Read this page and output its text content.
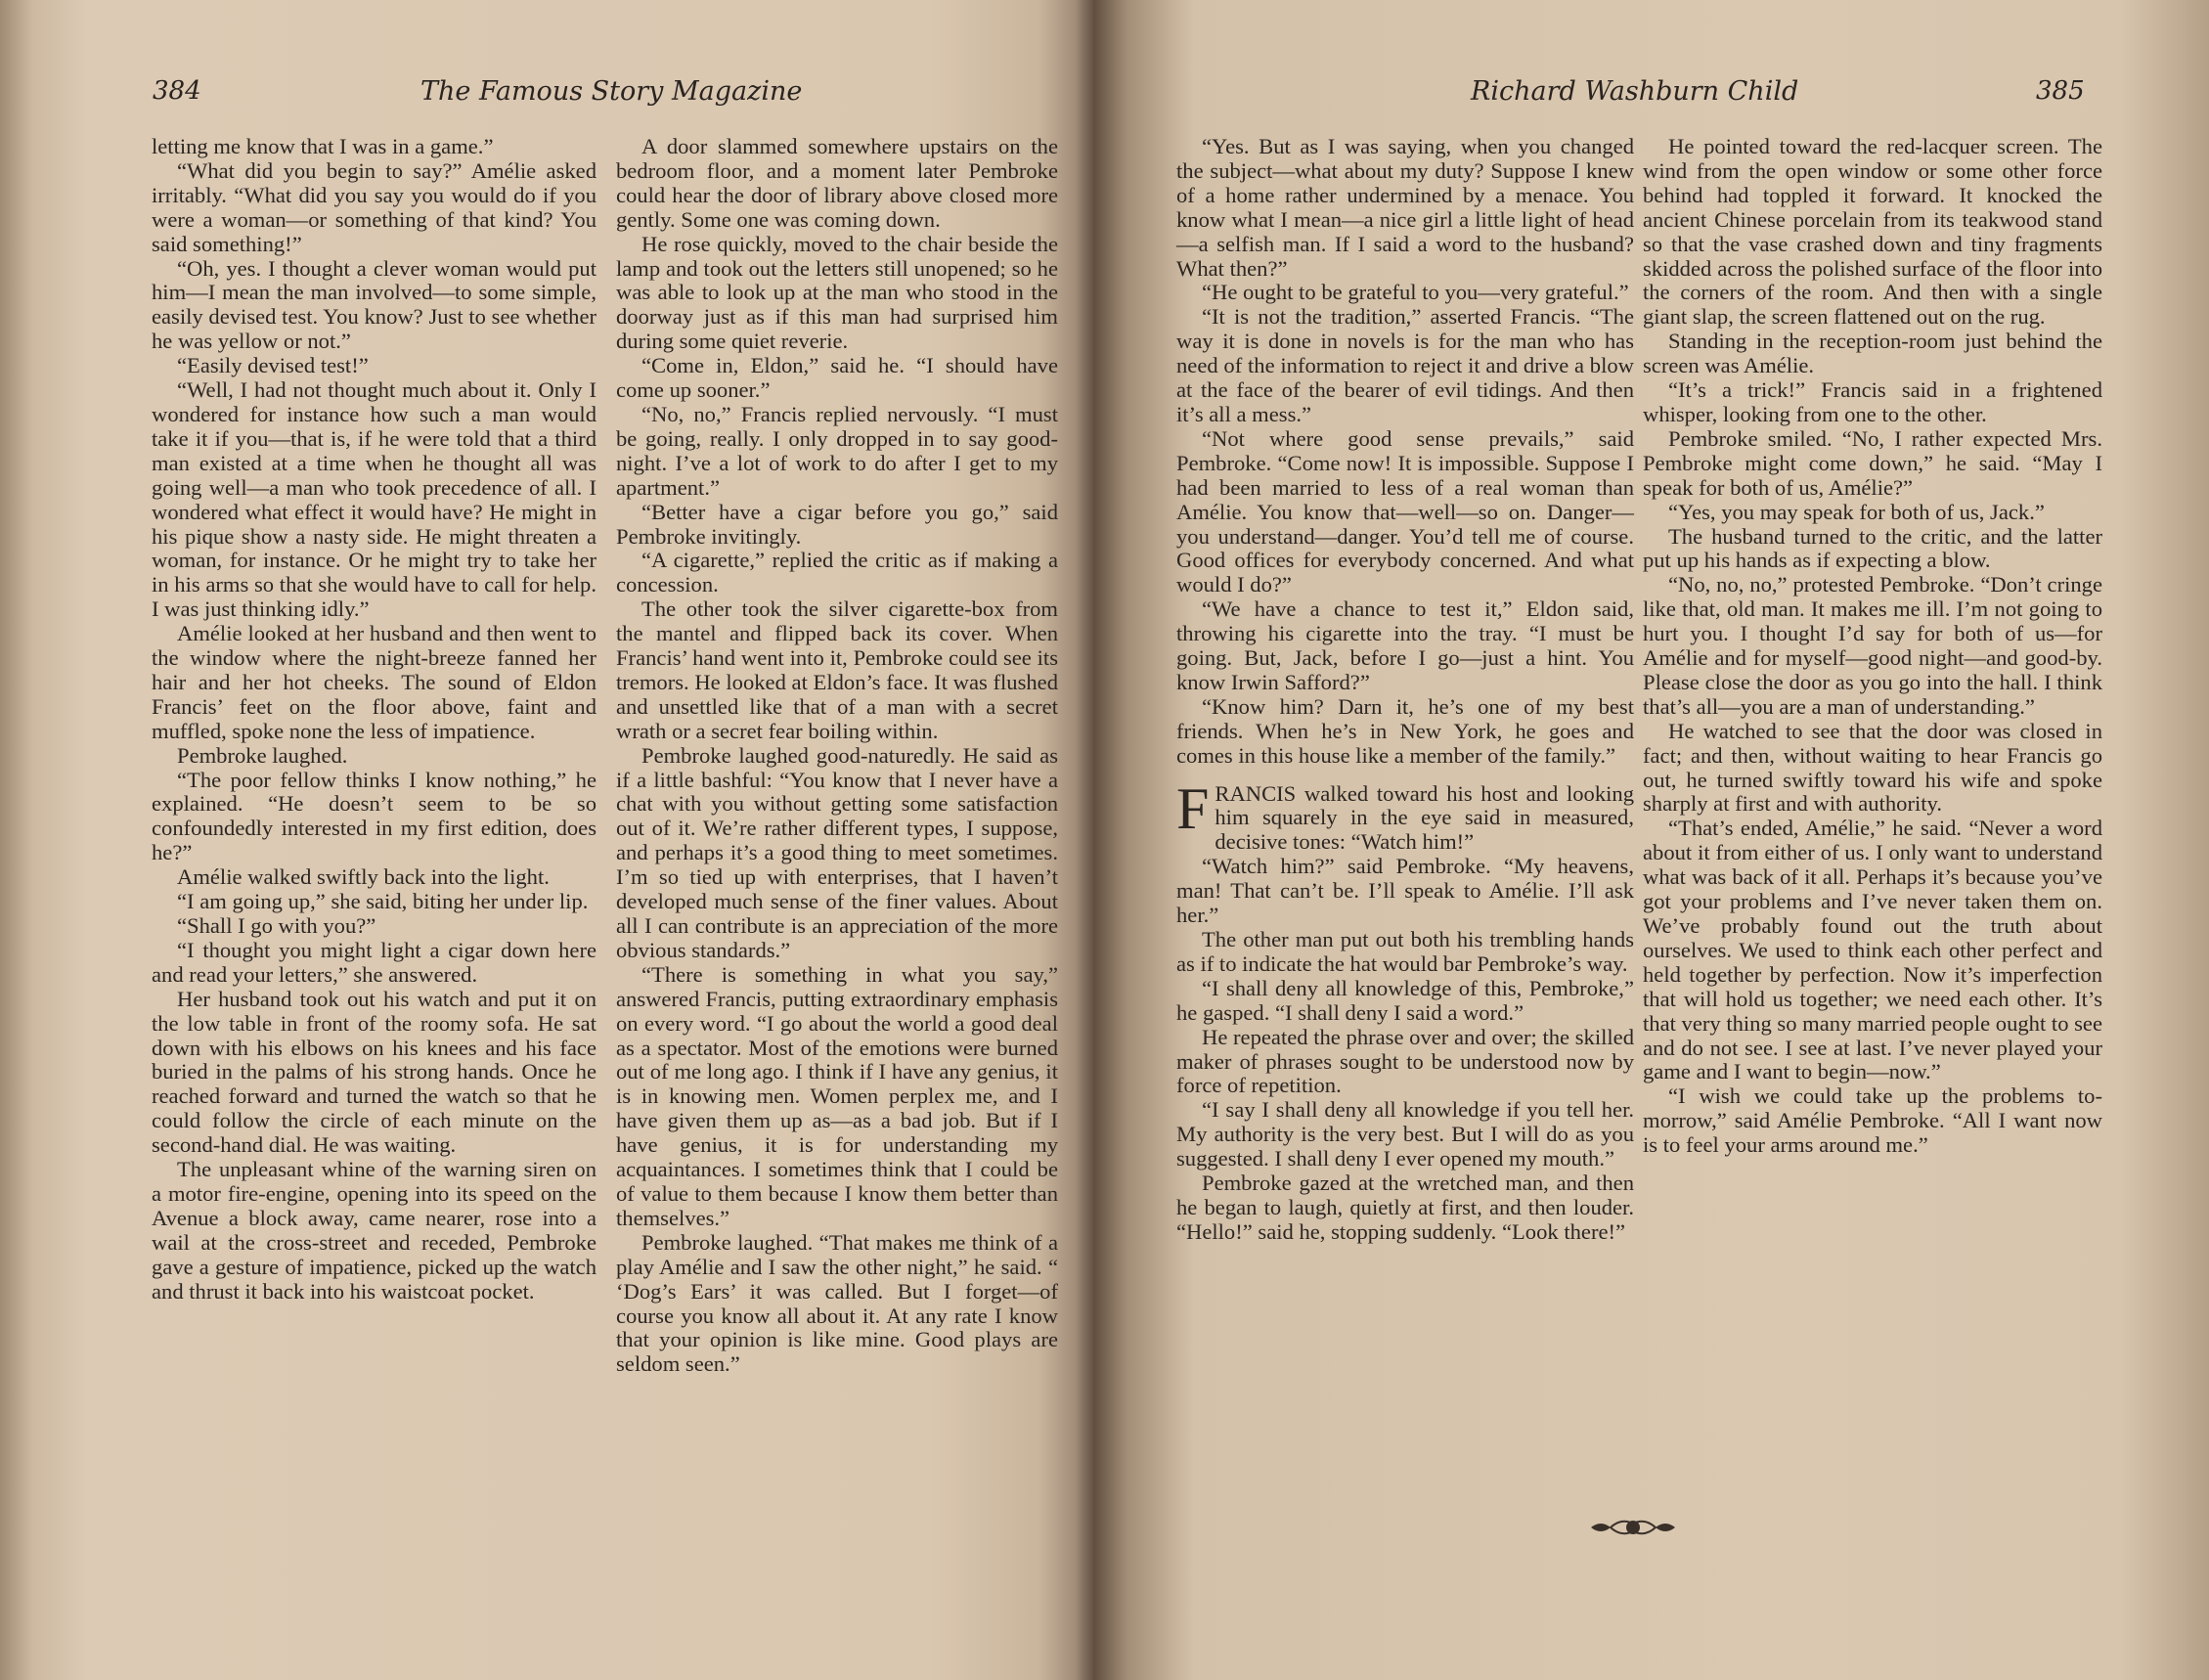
384	The Famous Story Magazine

letting me know that I was in a game.”

“What did you begin to say?” Amélie asked irritably. “What did you say you would do if you were a woman—or something of that kind? You said something!”

“Oh, yes. I thought a clever woman would put him—I mean the man involved—to some simple, easily devised test. You know? Just to see whether he was yellow or not.”

“Easily devised test!”

“Well, I had not thought much about it. Only I wondered for instance how such a man would take it if you—that is, if he were told that a third man existed at a time when he thought all was going well—a man who took precedence of all. I wondered what effect it would have? He might in his pique show a nasty side. He might threaten a woman, for instance. Or he might try to take her in his arms so that she would have to call for help. I was just thinking idly.”

Amélie looked at her husband and then went to the window where the night-breeze fanned her hair and her hot cheeks. The sound of Eldon Francis’ feet on the floor above, faint and muffled, spoke none the less of impatience.

Pembroke laughed.

“The poor fellow thinks I know nothing,” he explained. “He doesn’t seem to be so confoundedly interested in my first edition, does he?”

Amélie walked swiftly back into the light.

“I am going up,” she said, biting her under lip.

“Shall I go with you?”

“I thought you might light a cigar down here and read your letters,” she answered.

Her husband took out his watch and put it on the low table in front of the roomy sofa. He sat down with his elbows on his knees and his face buried in the palms of his strong hands. Once he reached forward and turned the watch so that he could follow the circle of each minute on the second-hand dial. He was waiting.

The unpleasant whine of the warning siren on a motor fire-engine, opening into its speed on the Avenue a block away, came nearer, rose into a wail at the cross-street and receded, Pembroke gave a gesture of impatience, picked up the watch and thrust it back into his waistcoat pocket.

A door slammed somewhere upstairs on the bedroom floor, and a moment later Pembroke could hear the door of library above closed more gently. Some one was coming down.

He rose quickly, moved to the chair beside the lamp and took out the letters still unopened; so he was able to look up at the man who stood in the doorway just as if this man had surprised him during some quiet reverie.

“Come in, Eldon,” said he. “I should have come up sooner.”

“No, no,” Francis replied nervously. “I must be going, really. I only dropped in to say good-night. I’ve a lot of work to do after I get to my apartment.”

“Better have a cigar before you go,” said Pembroke invitingly.

“A cigarette,” replied the critic as if making a concession.

The other took the silver cigarette-box from the mantel and flipped back its cover. When Francis’ hand went into it, Pembroke could see its tremors. He looked at Eldon’s face. It was flushed and unsettled like that of a man with a secret wrath or a secret fear boiling within.

Pembroke laughed good-naturedly. He said as if a little bashful: “You know that I never have a chat with you without getting some satisfaction out of it. We’re rather different types, I suppose, and perhaps it’s a good thing to meet sometimes. I’m so tied up with enterprises, that I haven’t developed much sense of the finer values. About all I can contribute is an appreciation of the more obvious standards.”

“There is something in what you say,” answered Francis, putting extraordinary emphasis on every word. “I go about the world a good deal as a spectator. Most of the emotions were burned out of me long ago. I think if I have any genius, it is in knowing men. Women perplex me, and I have given them up as—as a bad job. But if I have genius, it is for understanding my acquaintances. I sometimes think that I could be of value to them because I know them better than themselves.”

Pembroke laughed. “That makes me think of a play Amélie and I saw the other night,” he said. “ ‘Dog’s Ears’ it was called. But I forget—of course you know all about it. At any rate I know that your opinion is like mine. Good plays are seldom seen.”

Richard Washburn Child	385

“Yes. But as I was saying, when you changed the subject—what about my duty? Suppose I knew of a home rather undermined by a menace. You know what I mean—a nice girl a little light of head—a selfish man. If I said a word to the husband? What then?”

“He ought to be grateful to you—very grateful.”

“It is not the tradition,” asserted Francis. “The way it is done in novels is for the man who has need of the information to reject it and drive a blow at the face of the bearer of evil tidings. And then it’s all a mess.”

“Not where good sense prevails,” said Pembroke. “Come now! It is impossible. Suppose I had been married to less of a real woman than Amélie. You know that—well—so on. Danger—you understand—danger. You’d tell me of course. Good offices for everybody concerned. And what would I do?”

“We have a chance to test it,” Eldon said, throwing his cigarette into the tray. “I must be going. But, Jack, before I go—just a hint. You know Irwin Safford?”

“Know him? Darn it, he’s one of my best friends. When he’s in New York, he goes and comes in this house like a member of the family.”

FRANCIS walked toward his host and looking him squarely in the eye said in measured, decisive tones: “Watch him!”

“Watch him?” said Pembroke. “My heavens, man! That can’t be. I’ll speak to Amélie. I’ll ask her.”

The other man put out both his trembling hands as if to indicate the hat would bar Pembroke’s way.

“I shall deny all knowledge of this, Pembroke,” he gasped. “I shall deny I said a word.”

He repeated the phrase over and over; the skilled maker of phrases sought to be understood now by force of repetition.

“I say I shall deny all knowledge if you tell her. My authority is the very best. But I will do as you suggested. I shall deny I ever opened my mouth.”

Pembroke gazed at the wretched man, and then he began to laugh, quietly at first, and then louder. “Hello!” said he, stopping suddenly. “Look there!”

He pointed toward the red-lacquer screen. The wind from the open window or some other force behind had toppled it forward. It knocked the ancient Chinese porcelain from its teakwood stand so that the vase crashed down and tiny fragments skidded across the polished surface of the floor into the corners of the room. And then with a single giant slap, the screen flattened out on the rug.

Standing in the reception-room just behind the screen was Amélie.

“It’s a trick!” Francis said in a frightened whisper, looking from one to the other.

Pembroke smiled. “No, I rather expected Mrs. Pembroke might come down,” he said. “May I speak for both of us, Amélie?”

“Yes, you may speak for both of us, Jack.”

The husband turned to the critic, and the latter put up his hands as if expecting a blow.

“No, no, no,” protested Pembroke. “Don’t cringe like that, old man. It makes me ill. I’m not going to hurt you. I thought I’d say for both of us—for Amélie and for myself—good night—and good-by. Please close the door as you go into the hall. I think that’s all—you are a man of understanding.”

He watched to see that the door was closed in fact; and then, without waiting to hear Francis go out, he turned swiftly toward his wife and spoke sharply at first and with authority.

“That’s ended, Amélie,” he said. “Never a word about it from either of us. I only want to understand what was back of it all. Perhaps it’s because you’ve got your problems and I’ve never taken them on. We’ve probably found out the truth about ourselves. We used to think each other perfect and held together by perfection. Now it’s imperfection that will hold us together; we need each other. It’s that very thing so many married people ought to see and do not see. I see at last. I’ve never played your game and I want to begin—now.”

“I wish we could take up the problems to-morrow,” said Amélie Pembroke. “All I want now is to feel your arms around me.”
